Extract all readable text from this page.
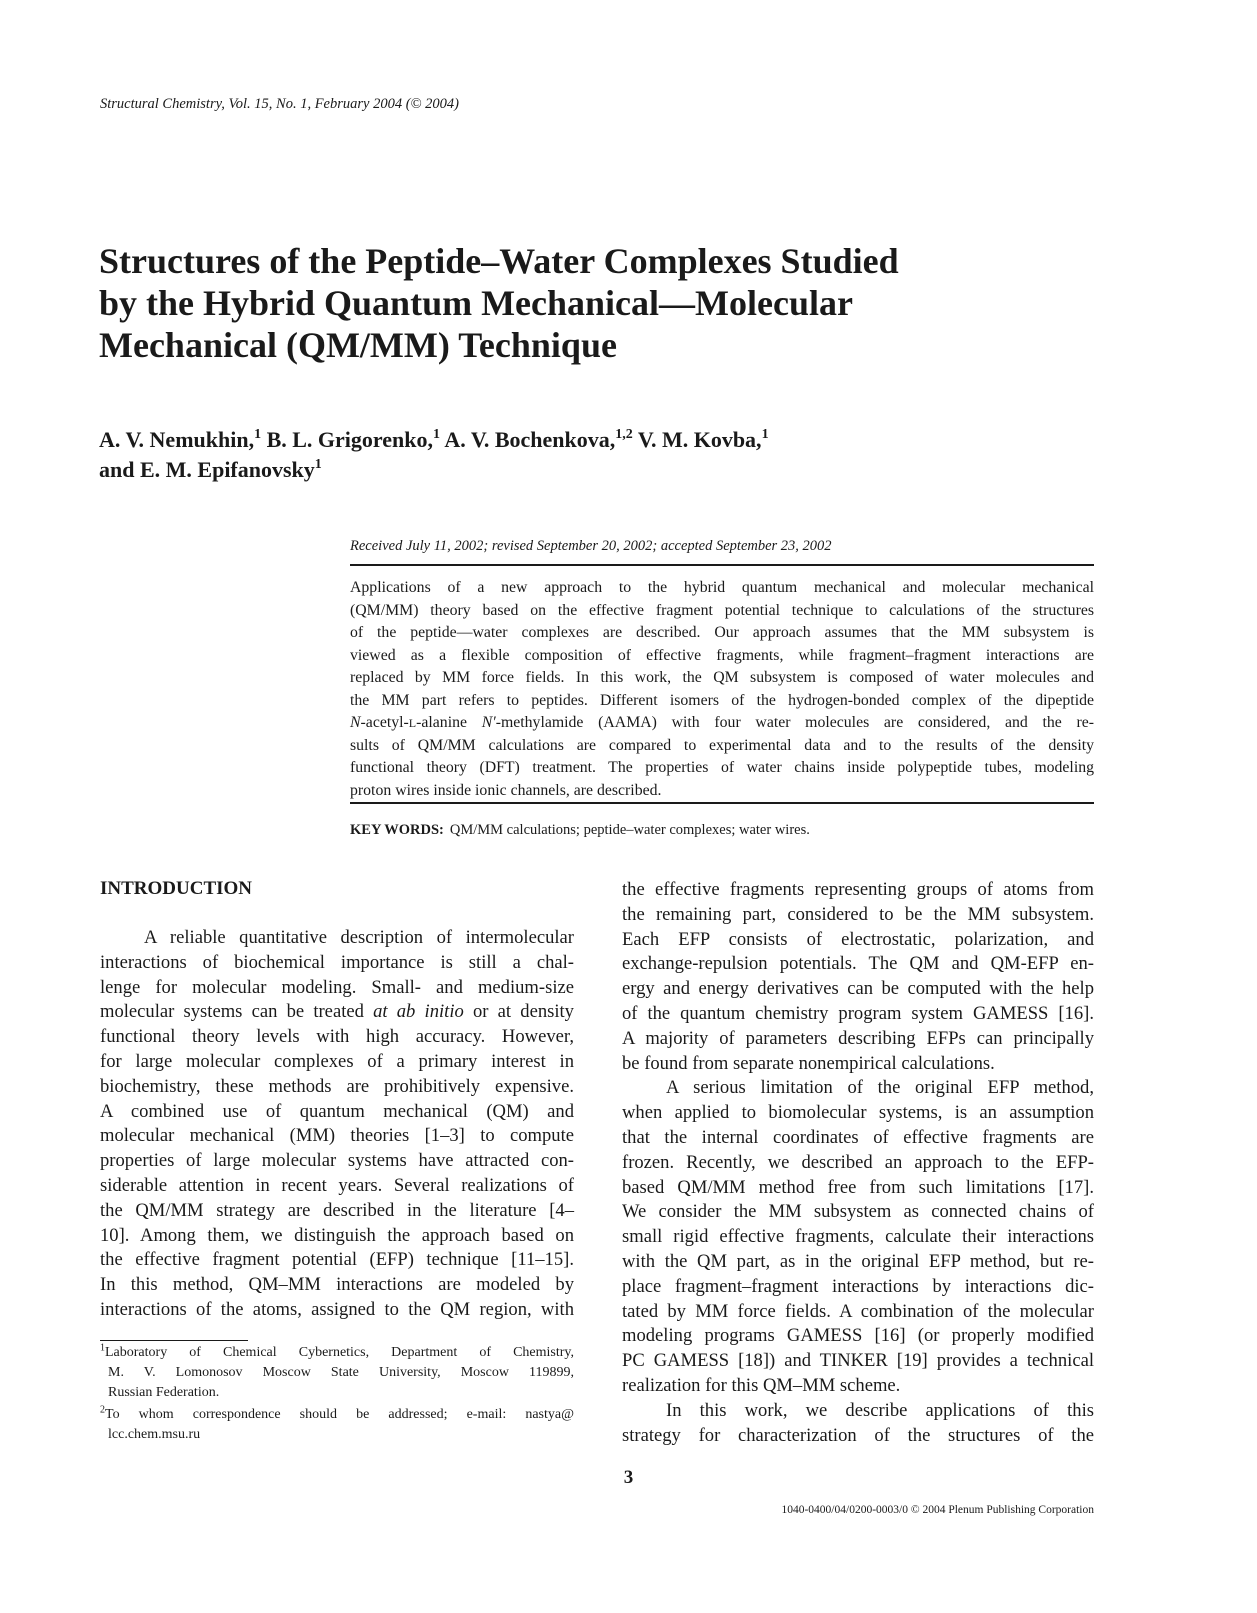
Structural Chemistry, Vol. 15, No. 1, February 2004 (© 2004)
Structures of the Peptide–Water Complexes Studied
by the Hybrid Quantum Mechanical—Molecular
Mechanical (QM/MM) Technique
A. V. Nemukhin,$^1$ B. L. Grigorenko,$^1$ A. V. Bochenkova,$^{1,2}$ V. M. Kovba,$^1$
and E. M. Epifanovsky$^1$
Received July 11, 2002; revised September 20, 2002; accepted September 23, 2002
Applications of a new approach to the hybrid quantum mechanical and molecular mechanical
(QM/MM) theory based on the effective fragment potential technique to calculations of the structures
of the peptide—water complexes are described. Our approach assumes that the MM subsystem is
viewed as a flexible composition of effective fragments, while fragment–fragment interactions are
replaced by MM force fields. In this work, the QM subsystem is composed of water molecules and
the MM part refers to peptides. Different isomers of the hydrogen-bonded complex of the dipeptide
N-acetyl-L-alanine N′-methylamide (AAMA) with four water molecules are considered, and the re-
sults of QM/MM calculations are compared to experimental data and to the results of the density
functional theory (DFT) treatment. The properties of water chains inside polypeptide tubes, modeling
proton wires inside ionic channels, are described.
KEY WORDS: QM/MM calculations; peptide–water complexes; water wires.
INTRODUCTION
A reliable quantitative description of intermolecular
interactions of biochemical importance is still a chal-
lenge for molecular modeling. Small- and medium-size
molecular systems can be treated at ab initio or at density
functional theory levels with high accuracy. However,
for large molecular complexes of a primary interest in
biochemistry, these methods are prohibitively expensive.
A combined use of quantum mechanical (QM) and
molecular mechanical (MM) theories [1–3] to compute
properties of large molecular systems have attracted con-
siderable attention in recent years. Several realizations of
the QM/MM strategy are described in the literature [4–
10]. Among them, we distinguish the approach based on
the effective fragment potential (EFP) technique [11–15].
In this method, QM–MM interactions are modeled by
interactions of the atoms, assigned to the QM region, with
$^1$Laboratory of Chemical Cybernetics, Department of Chemistry,
M. V. Lomonosov Moscow State University, Moscow 119899,
Russian Federation.
$^2$To whom correspondence should be addressed; e-mail: nastya@
lcc.chem.msu.ru
the effective fragments representing groups of atoms from
the remaining part, considered to be the MM subsystem.
Each EFP consists of electrostatic, polarization, and
exchange-repulsion potentials. The QM and QM-EFP en-
ergy and energy derivatives can be computed with the help
of the quantum chemistry program system GAMESS [16].
A majority of parameters describing EFPs can principally
be found from separate nonempirical calculations.
A serious limitation of the original EFP method,
when applied to biomolecular systems, is an assumption
that the internal coordinates of effective fragments are
frozen. Recently, we described an approach to the EFP-
based QM/MM method free from such limitations [17].
We consider the MM subsystem as connected chains of
small rigid effective fragments, calculate their interactions
with the QM part, as in the original EFP method, but re-
place fragment–fragment interactions by interactions dic-
tated by MM force fields. A combination of the molecular
modeling programs GAMESS [16] (or properly modified
PC GAMESS [18]) and TINKER [19] provides a technical
realization for this QM–MM scheme.
In this work, we describe applications of this
strategy for characterization of the structures of the
3
1040-0400/04/0200-0003/0 © 2004 Plenum Publishing Corporation
